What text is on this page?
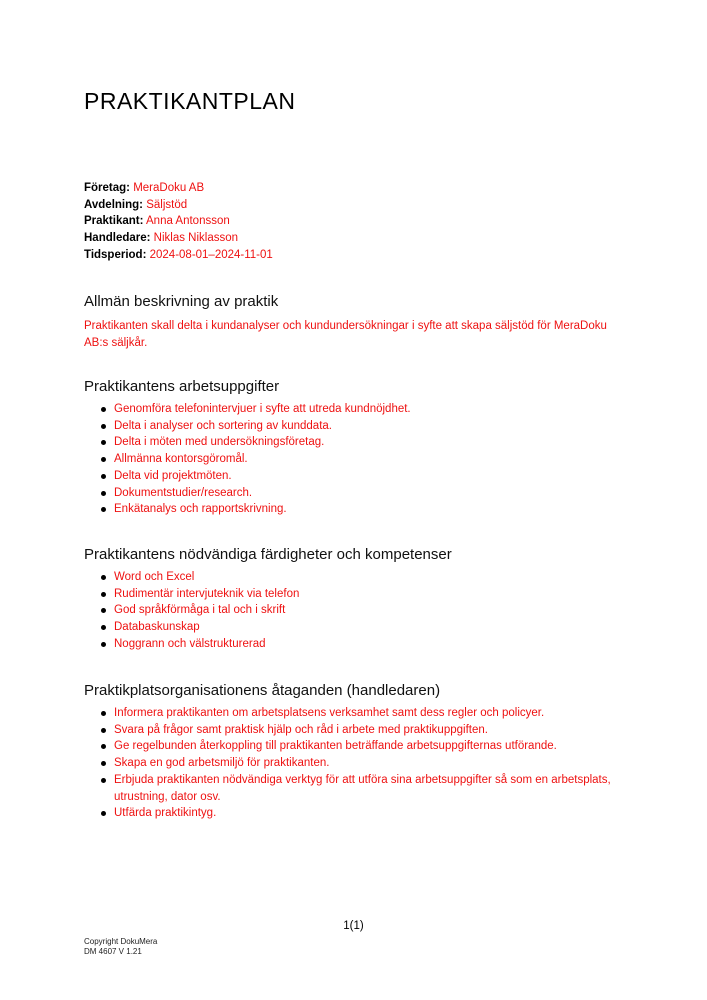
PRAKTIKANTPLAN
Företag: MeraDoku AB
Avdelning: Säljstöd
Praktikant: Anna Antonsson
Handledare: Niklas Niklasson
Tidsperiod: 2024-08-01–2024-11-01
Allmän beskrivning av praktik

Praktikanten skall delta i kundanalyser och kundundersökningar i syfte att skapa säljstöd för MeraDoku AB:s säljkår.

Praktikantens arbetsuppgifter
Genomföra telefonintervjuer i syfte att utreda kundnöjdhet.
Delta i analyser och sortering av kunddata.
Delta i möten med undersökningsföretag.
Allmänna kontorsgöromål.
Delta vid projektmöten.
Dokumentstudier/research.
Enkätanalys och rapportskrivning.
Praktikantens nödvändiga färdigheter och kompetenser
Word och Excel
Rudimentär intervjuteknik via telefon
God språkförmåga i tal och i skrift
Databaskunskap
Noggrann och välstrukturerad
Praktikplatsorganisationens åtaganden (handledaren)
Informera praktikanten om arbetsplatsens verksamhet samt dess regler och policyer.
Svara på frågor samt praktisk hjälp och råd i arbete med praktikuppgiften.
Ge regelbunden återkoppling till praktikanten beträffande arbetsuppgifternas utförande.
Skapa en god arbetsmiljö för praktikanten.
Erbjuda praktikanten nödvändiga verktyg för att utföra sina arbetsuppgifter så som en arbetsplats, utrustning, dator osv.
Utfärda praktikintyg.
1(1)
Copyright DokuMera
DM 4607 V 1.21
